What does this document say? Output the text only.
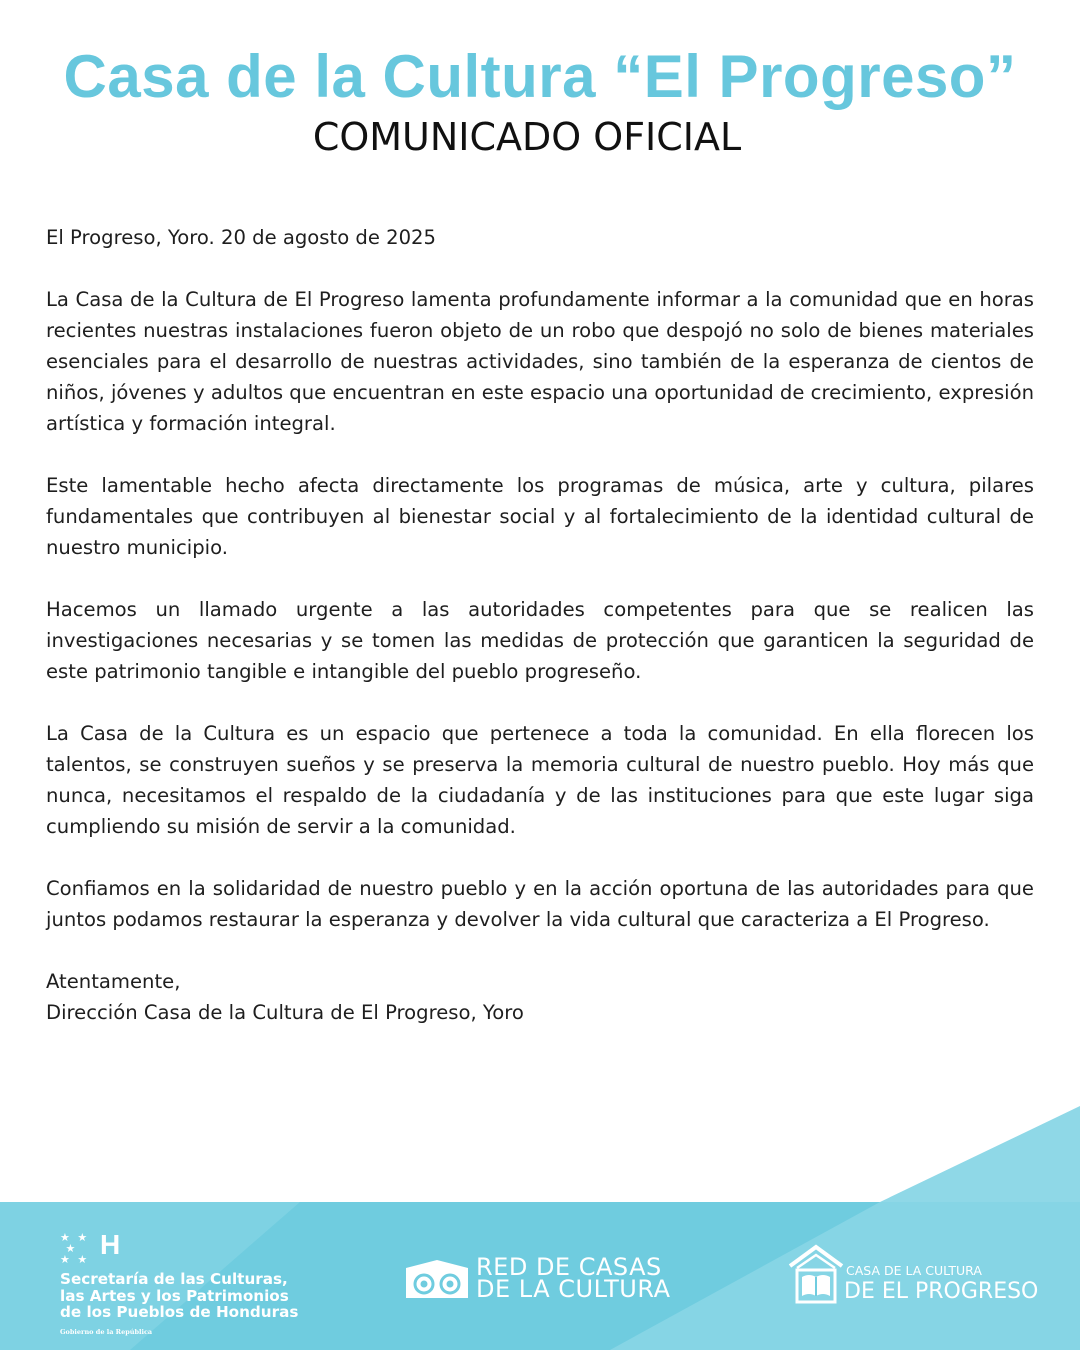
Casa de la Cultura “El Progreso”
COMUNICADO OFICIAL

El Progreso, Yoro. 20 de agosto de 2025

La Casa de la Cultura de El Progreso lamenta profundamente informar a la comunidad que en horas recientes nuestras instalaciones fueron objeto de un robo que despojó no solo de bienes materiales esenciales para el desarrollo de nuestras actividades, sino también de la esperanza de cientos de niños, jóvenes y adultos que encuentran en este espacio una oportunidad de crecimiento, expresión artística y formación integral.

Este lamentable hecho afecta directamente los programas de música, arte y cultura, pilares fundamentales que contribuyen al bienestar social y al fortalecimiento de la identidad cultural de nuestro municipio.

Hacemos un llamado urgente a las autoridades competentes para que se realicen las investigaciones necesarias y se tomen las medidas de protección que garanticen la seguridad de este patrimonio tangible e intangible del pueblo progreseño.

La Casa de la Cultura es un espacio que pertenece a toda la comunidad. En ella florecen los talentos, se construyen sueños y se preserva la memoria cultural de nuestro pueblo. Hoy más que nunca, necesitamos el respaldo de la ciudadanía y de las instituciones para que este lugar siga cumpliendo su misión de servir a la comunidad.

Confiamos en la solidaridad de nuestro pueblo y en la acción oportuna de las autoridades para que juntos podamos restaurar la esperanza y devolver la vida cultural que caracteriza a El Progreso.

Atentamente,
Dirección Casa de la Cultura de El Progreso, Yoro

★ ★
★
★ ★ H
Secretaría de las Culturas,
las Artes y los Patrimonios
de los Pueblos de Honduras
Gobierno de la República
RED DE CASAS
DE LA CULTURA
CASA DE LA CULTURA
DE EL PROGRESO
